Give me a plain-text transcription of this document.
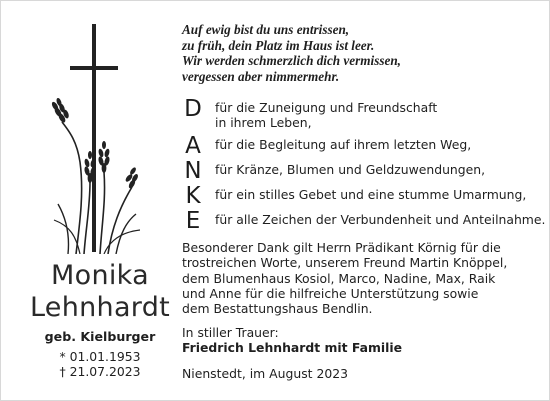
Auf ewig bist du uns entrissen,
zu früh, dein Platz im Haus ist leer.
Wir werden schmerzlich dich vermissen,
vergessen aber nimmermehr.
D für die Zuneigung und Freundschaft
in ihrem Leben,
A	für die Begleitung auf ihrem letzten Weg,
N für Kränze, Blumen und Geldzuwendungen,
K	für ein stilles Gebet und eine stumme Umarmung,
E	für alle Zeichen der Verbundenheit und Anteilnahme.
Besonderer Dank gilt Herrn Prädikant Körnig für die
trostreichen Worte, unserem Freund Martin Knöppel,
dem Blumenhaus Kosiol, Marco, Nadine, Max, Raik
und Anne für die hilfreiche Unterstützung sowie
dem Bestattungshaus Bendlin.
In stiller Trauer:
Friedrich Lehnhardt mit Familie
Nienstedt, im August 2023
Monika
Lehnhardt
geb. Kielburger
* 01.01.1953
† 21.07.2023
